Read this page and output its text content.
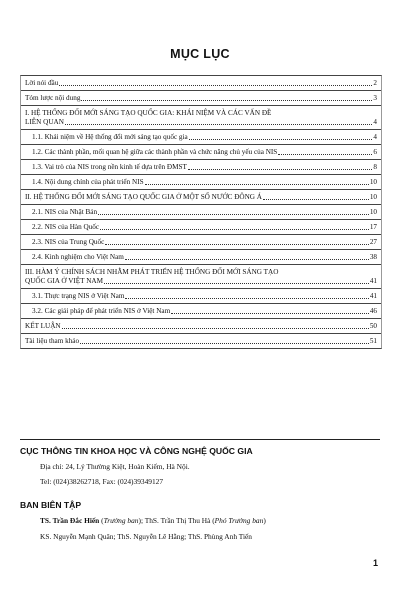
MỤC LỤC
Lời nói đầu	2
Tóm lược nội dung	3
I. HỆ THỐNG ĐỔI MỚI SÁNG TẠO QUỐC GIA: KHÁI NIỆM VÀ CÁC VẤN ĐỀ
LIÊN QUAN	4
1.1. Khái niệm về Hệ thống đổi mới sáng tạo quốc gia	4
1.2. Các thành phần, mối quan hệ giữa các thành phần và chức năng chủ yếu của NIS	6
1.3. Vai trò của NIS trong nền kinh tế dựa trên ĐMST	8
1.4. Nội dung chính của phát triển NIS	10
II. HỆ THỐNG ĐỔI MỚI SÁNG TẠO QUỐC GIA Ở MỘT SỐ NƯỚC ĐÔNG Á	10
2.1. NIS của Nhật Bản	10
2.2. NIS của Hàn Quốc	17
2.3. NIS của Trung Quốc	27
2.4. Kinh nghiệm cho Việt Nam	38
III. HÀM Ý CHÍNH SÁCH NHẰM PHÁT TRIỂN HỆ THỐNG ĐỔI MỚI SÁNG TẠO
QUỐC GIA Ở VIỆT NAM	41
3.1. Thực trạng NIS ở Việt Nam	41
3.2. Các giải pháp để phát triển NIS ở Việt Nam	46
KẾT LUẬN	50
Tài liệu tham khảo	51
CỤC THÔNG TIN KHOA HỌC VÀ CÔNG NGHỆ QUỐC GIA
Địa chỉ: 24, Lý Thường Kiệt, Hoàn Kiếm, Hà Nội.
Tel: (024)38262718, Fax: (024)39349127
BAN BIÊN TẬP
TS. Trần Đắc Hiến (Trưởng ban); ThS. Trần Thị Thu Hà (Phó Trưởng ban)
KS. Nguyễn Mạnh Quân; ThS. Nguyễn Lê Hằng; ThS. Phùng Anh Tiến
1
